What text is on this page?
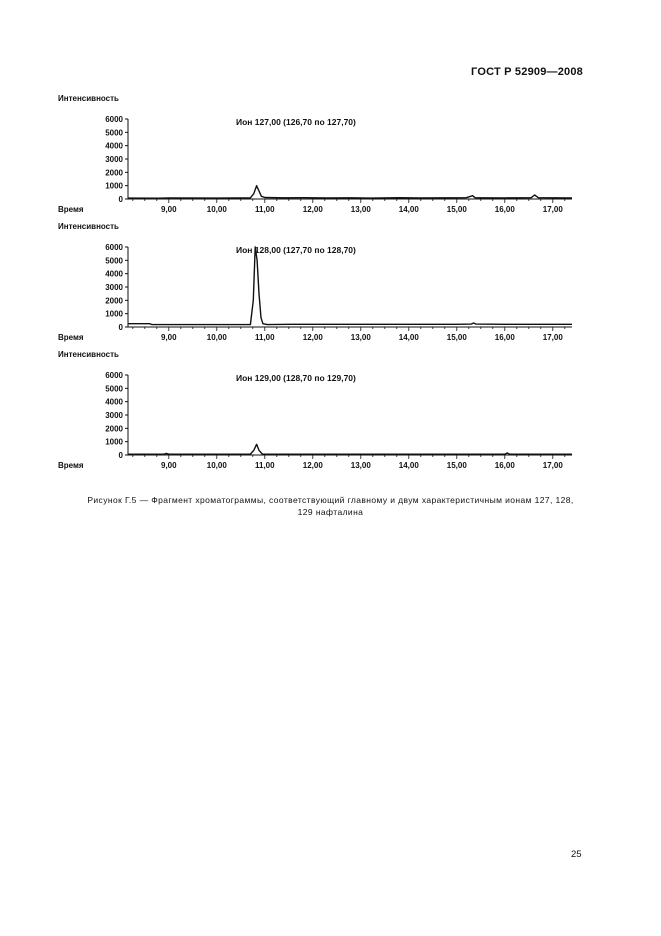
ГОСТ Р 52909—2008
Интенсивность
Ион 127,00 (126,70 по 127,70)
0
1000
2000
3000
4000
5000
6000
9,00	10,00	11,00	12,00	13,00	14,00	15,00	16,00	17,00
Время
Интенсивность
Ион 128,00 (127,70 по 128,70)
0
1000
2000
3000
4000
5000
6000
9,00	10,00	11,00	12,00	13,00	14,00	15,00	16,00	17,00
Время
Интенсивность
Ион 129,00 (128,70 по 129,70)
0
1000
2000
3000
4000
5000
6000
9,00	10,00	11,00	12,00	13,00	14,00	15,00	16,00	17,00
Время
Рисунок Г.5 — Фрагмент хроматограммы, соответствующий главному и двум характеристичным ионам 127, 128,
129 нафталина
25
